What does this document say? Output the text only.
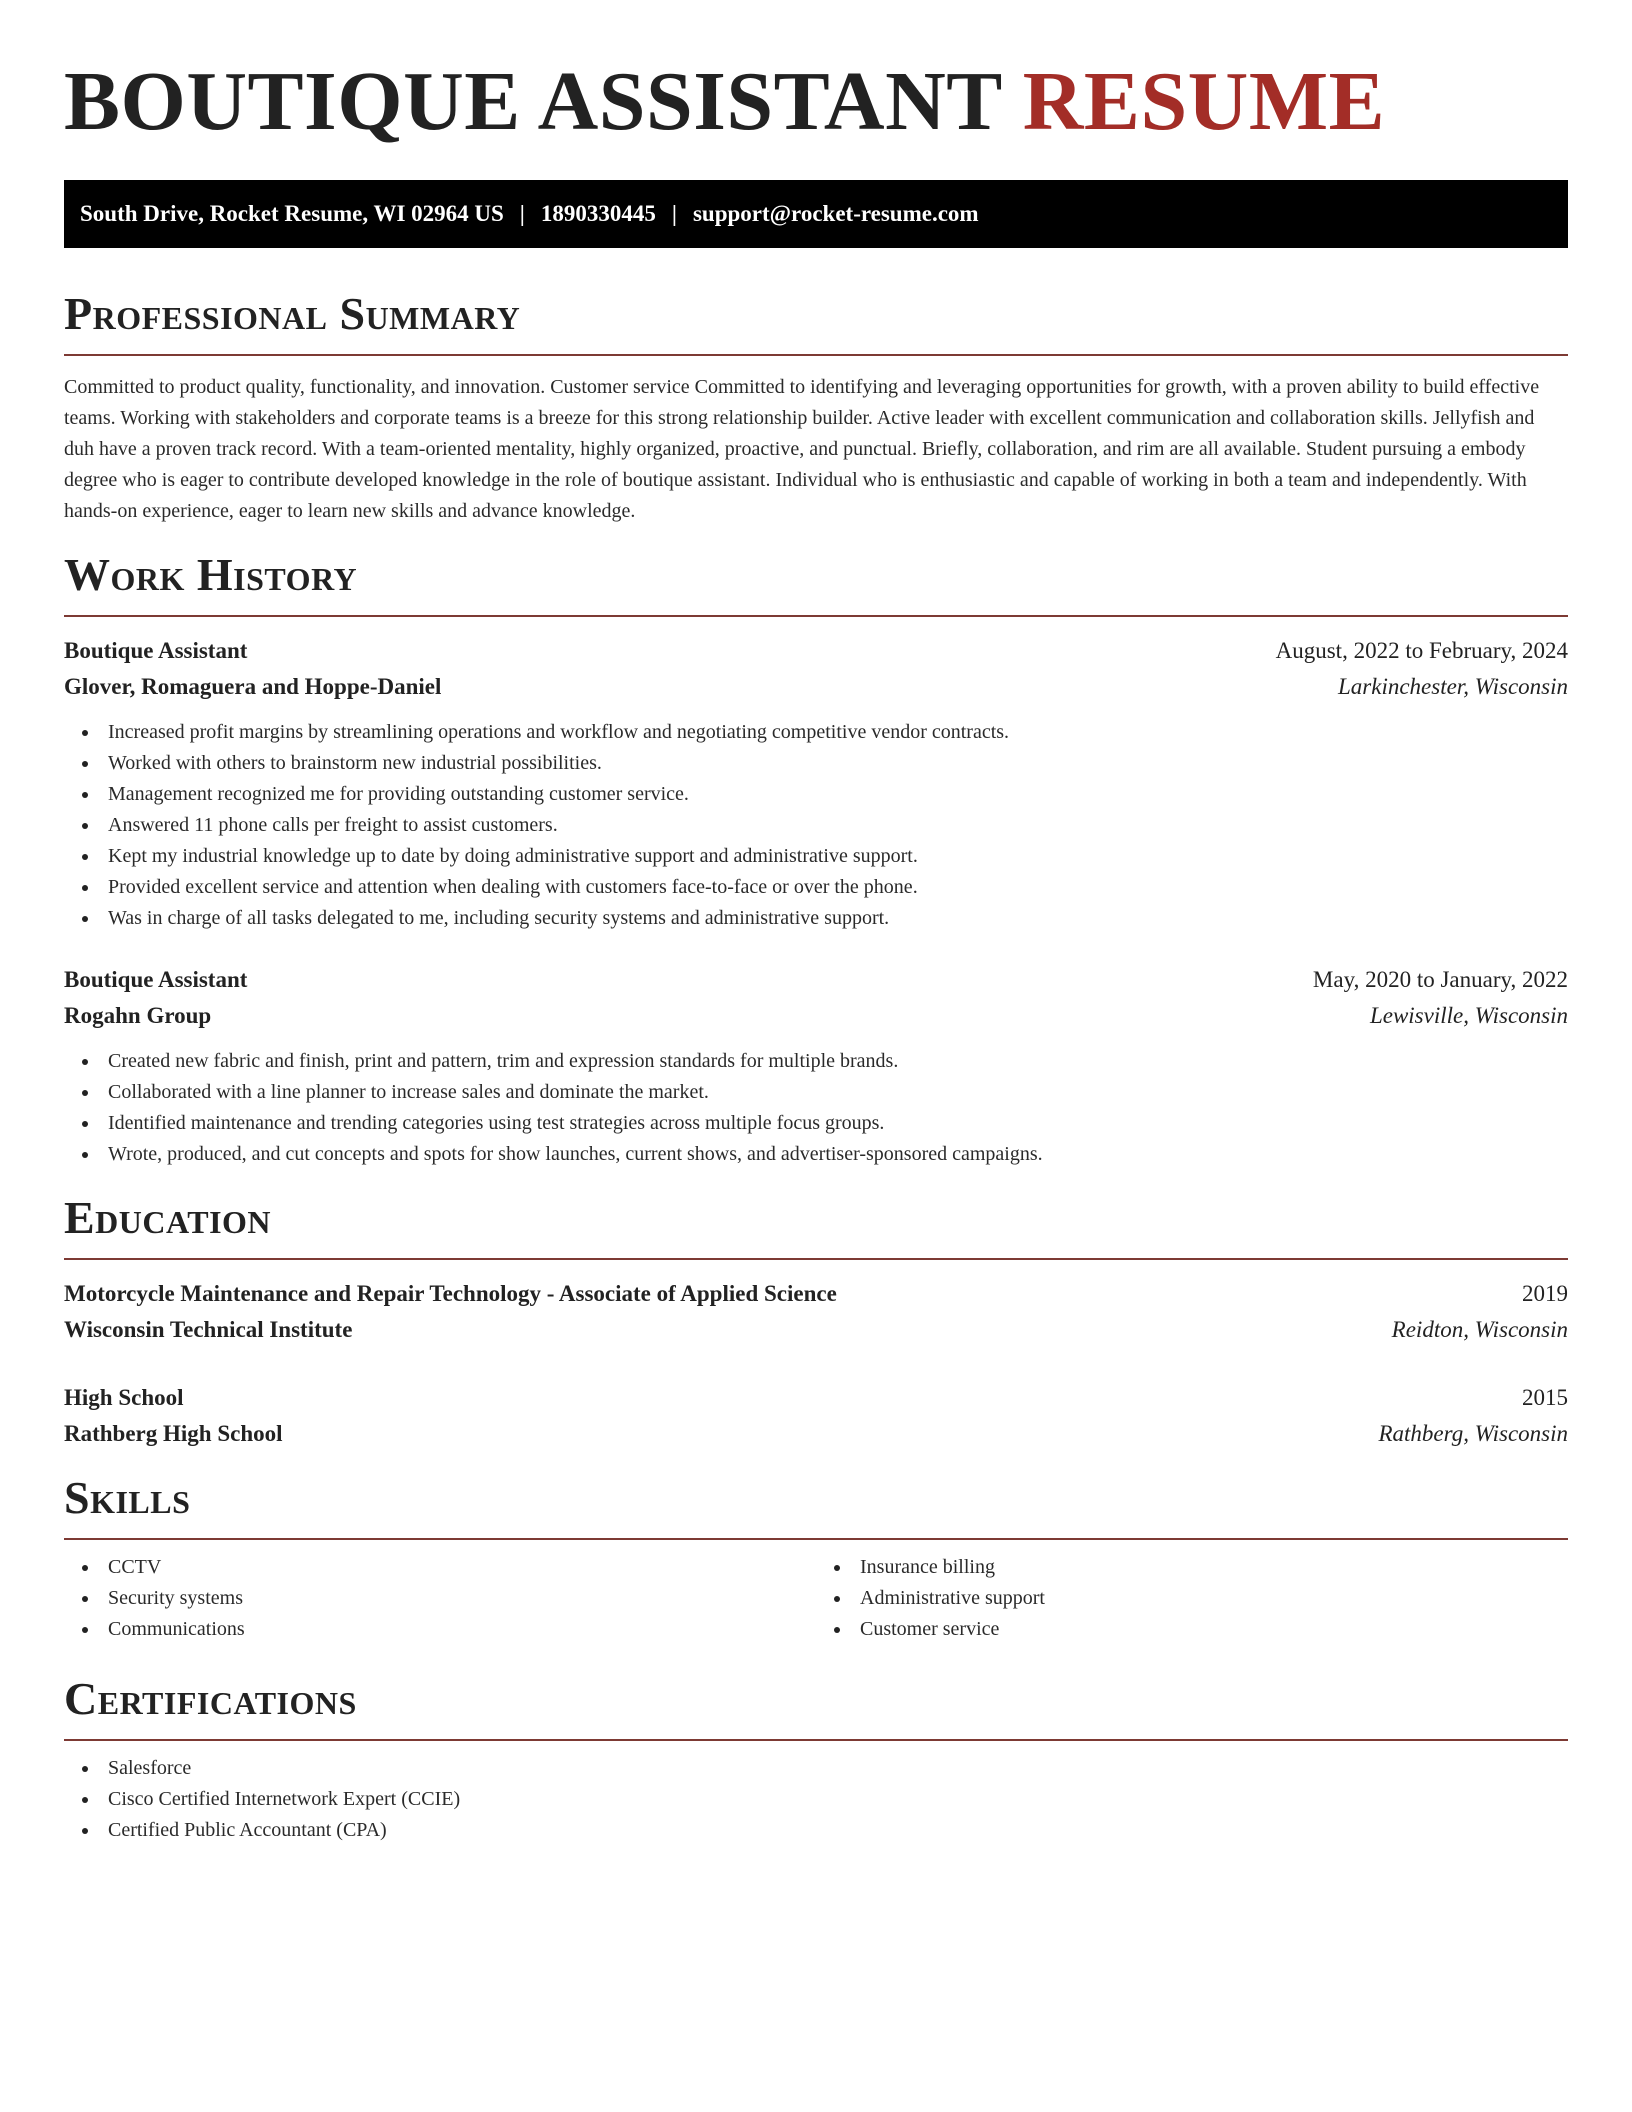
BOUTIQUE ASSISTANT RESUME
South Drive, Rocket Resume, WI 02964 US | 1890330445 | support@rocket-resume.com
Professional Summary

Committed to product quality, functionality, and innovation. Customer service Committed to identifying and leveraging opportunities for growth, with a proven ability to build effective teams. Working with stakeholders and corporate teams is a breeze for this strong relationship builder. Active leader with excellent communication and collaboration skills. Jellyfish and duh have a proven track record. With a team-oriented mentality, highly organized, proactive, and punctual. Briefly, collaboration, and rim are all available. Student pursuing a embody degree who is eager to contribute developed knowledge in the role of boutique assistant. Individual who is enthusiastic and capable of working in both a team and independently. With hands-on experience, eager to learn new skills and advance knowledge.

Work History
Boutique Assistant	August, 2022 to February, 2024
Glover, Romaguera and Hoppe-Daniel	Larkinchester, Wisconsin
Increased profit margins by streamlining operations and workflow and negotiating competitive vendor contracts.
Worked with others to brainstorm new industrial possibilities.
Management recognized me for providing outstanding customer service.
Answered 11 phone calls per freight to assist customers.
Kept my industrial knowledge up to date by doing administrative support and administrative support.
Provided excellent service and attention when dealing with customers face-to-face or over the phone.
Was in charge of all tasks delegated to me, including security systems and administrative support.
Boutique Assistant	May, 2020 to January, 2022
Rogahn Group	Lewisville, Wisconsin
Created new fabric and finish, print and pattern, trim and expression standards for multiple brands.
Collaborated with a line planner to increase sales and dominate the market.
Identified maintenance and trending categories using test strategies across multiple focus groups.
Wrote, produced, and cut concepts and spots for show launches, current shows, and advertiser-sponsored campaigns.
Education
Motorcycle Maintenance and Repair Technology - Associate of Applied Science	2019
Wisconsin Technical Institute	Reidton, Wisconsin
High School	2015
Rathberg High School	Rathberg, Wisconsin
Skills
CCTV
Security systems
Communications
Insurance billing
Administrative support
Customer service
Certifications
Salesforce
Cisco Certified Internetwork Expert (CCIE)
Certified Public Accountant (CPA)
